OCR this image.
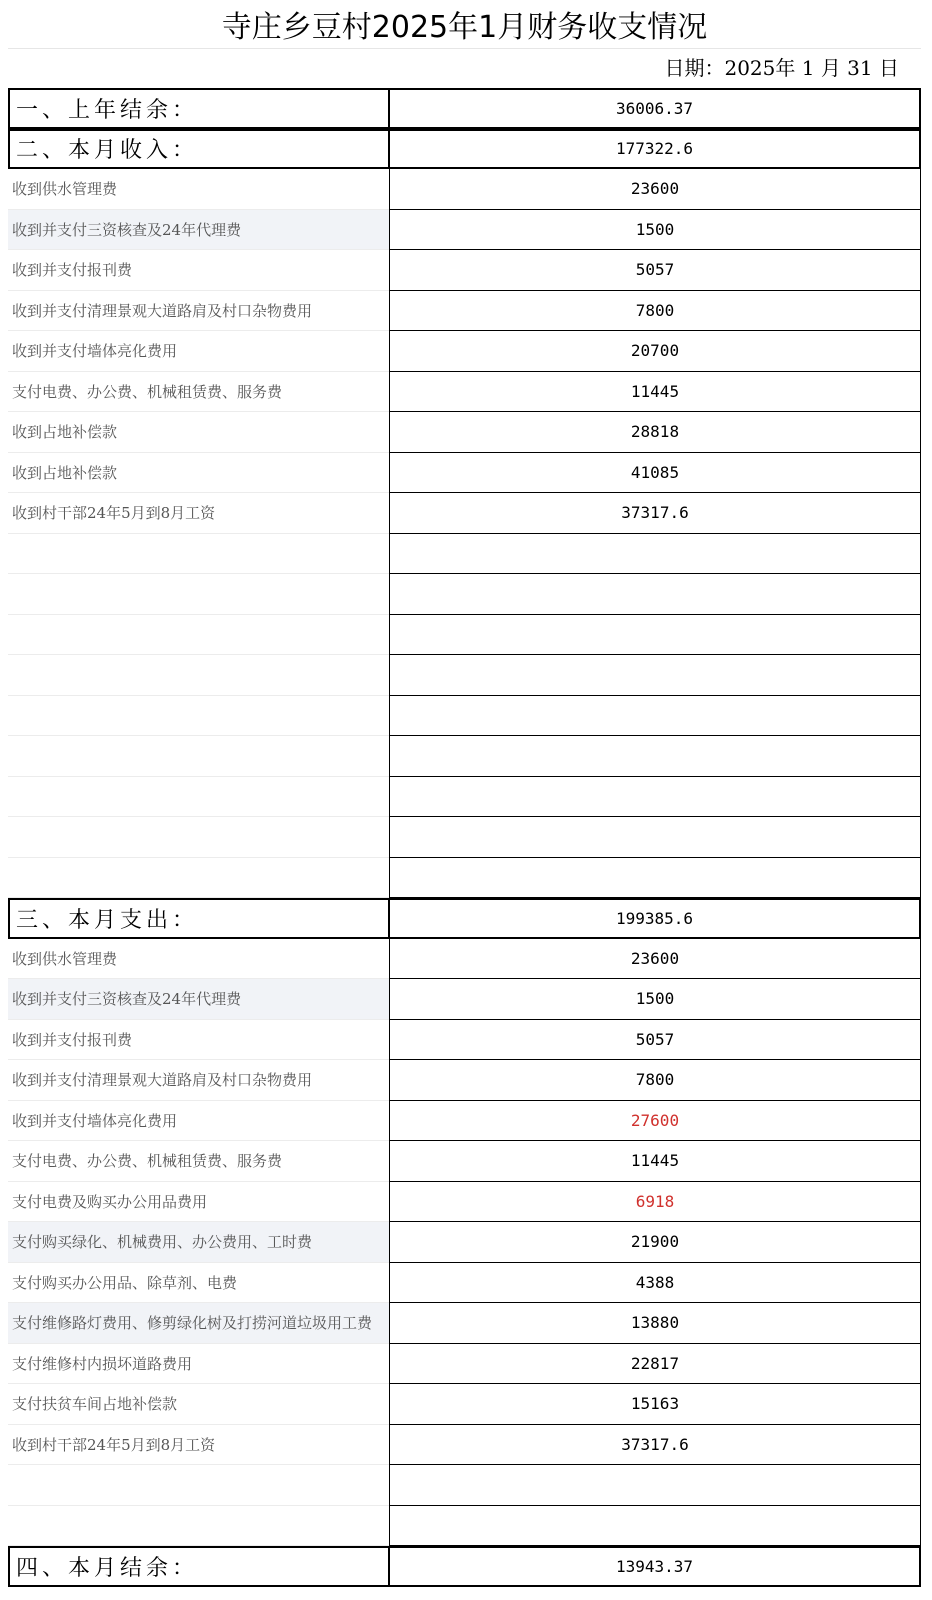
寺庄乡豆村2025年1月财务收支情况
日期：2025年 1 月 31 日
一、上年结余：	36006.37
二、本月收入：	177322.6
收到供水管理费	23600
收到并支付三资核查及24年代理费	1500
收到并支付报刊费	5057
收到并支付清理景观大道路肩及村口杂物费用	7800
收到并支付墙体亮化费用	20700
支付电费、办公费、机械租赁费、服务费	11445
收到占地补偿款	28818
收到占地补偿款	41085
收到村干部24年5月到8月工资	37317.6
三、本月支出：	199385.6
收到供水管理费	23600
收到并支付三资核查及24年代理费	1500
收到并支付报刊费	5057
收到并支付清理景观大道路肩及村口杂物费用	7800
收到并支付墙体亮化费用	27600
支付电费、办公费、机械租赁费、服务费	11445
支付电费及购买办公用品费用	6918
支付购买绿化、机械费用、办公费用、工时费	21900
支付购买办公用品、除草剂、电费	4388
支付维修路灯费用、修剪绿化树及打捞河道垃圾用工费	13880
支付维修村内损坏道路费用	22817
支付扶贫车间占地补偿款	15163
收到村干部24年5月到8月工资	37317.6
四、本月结余：	13943.37
